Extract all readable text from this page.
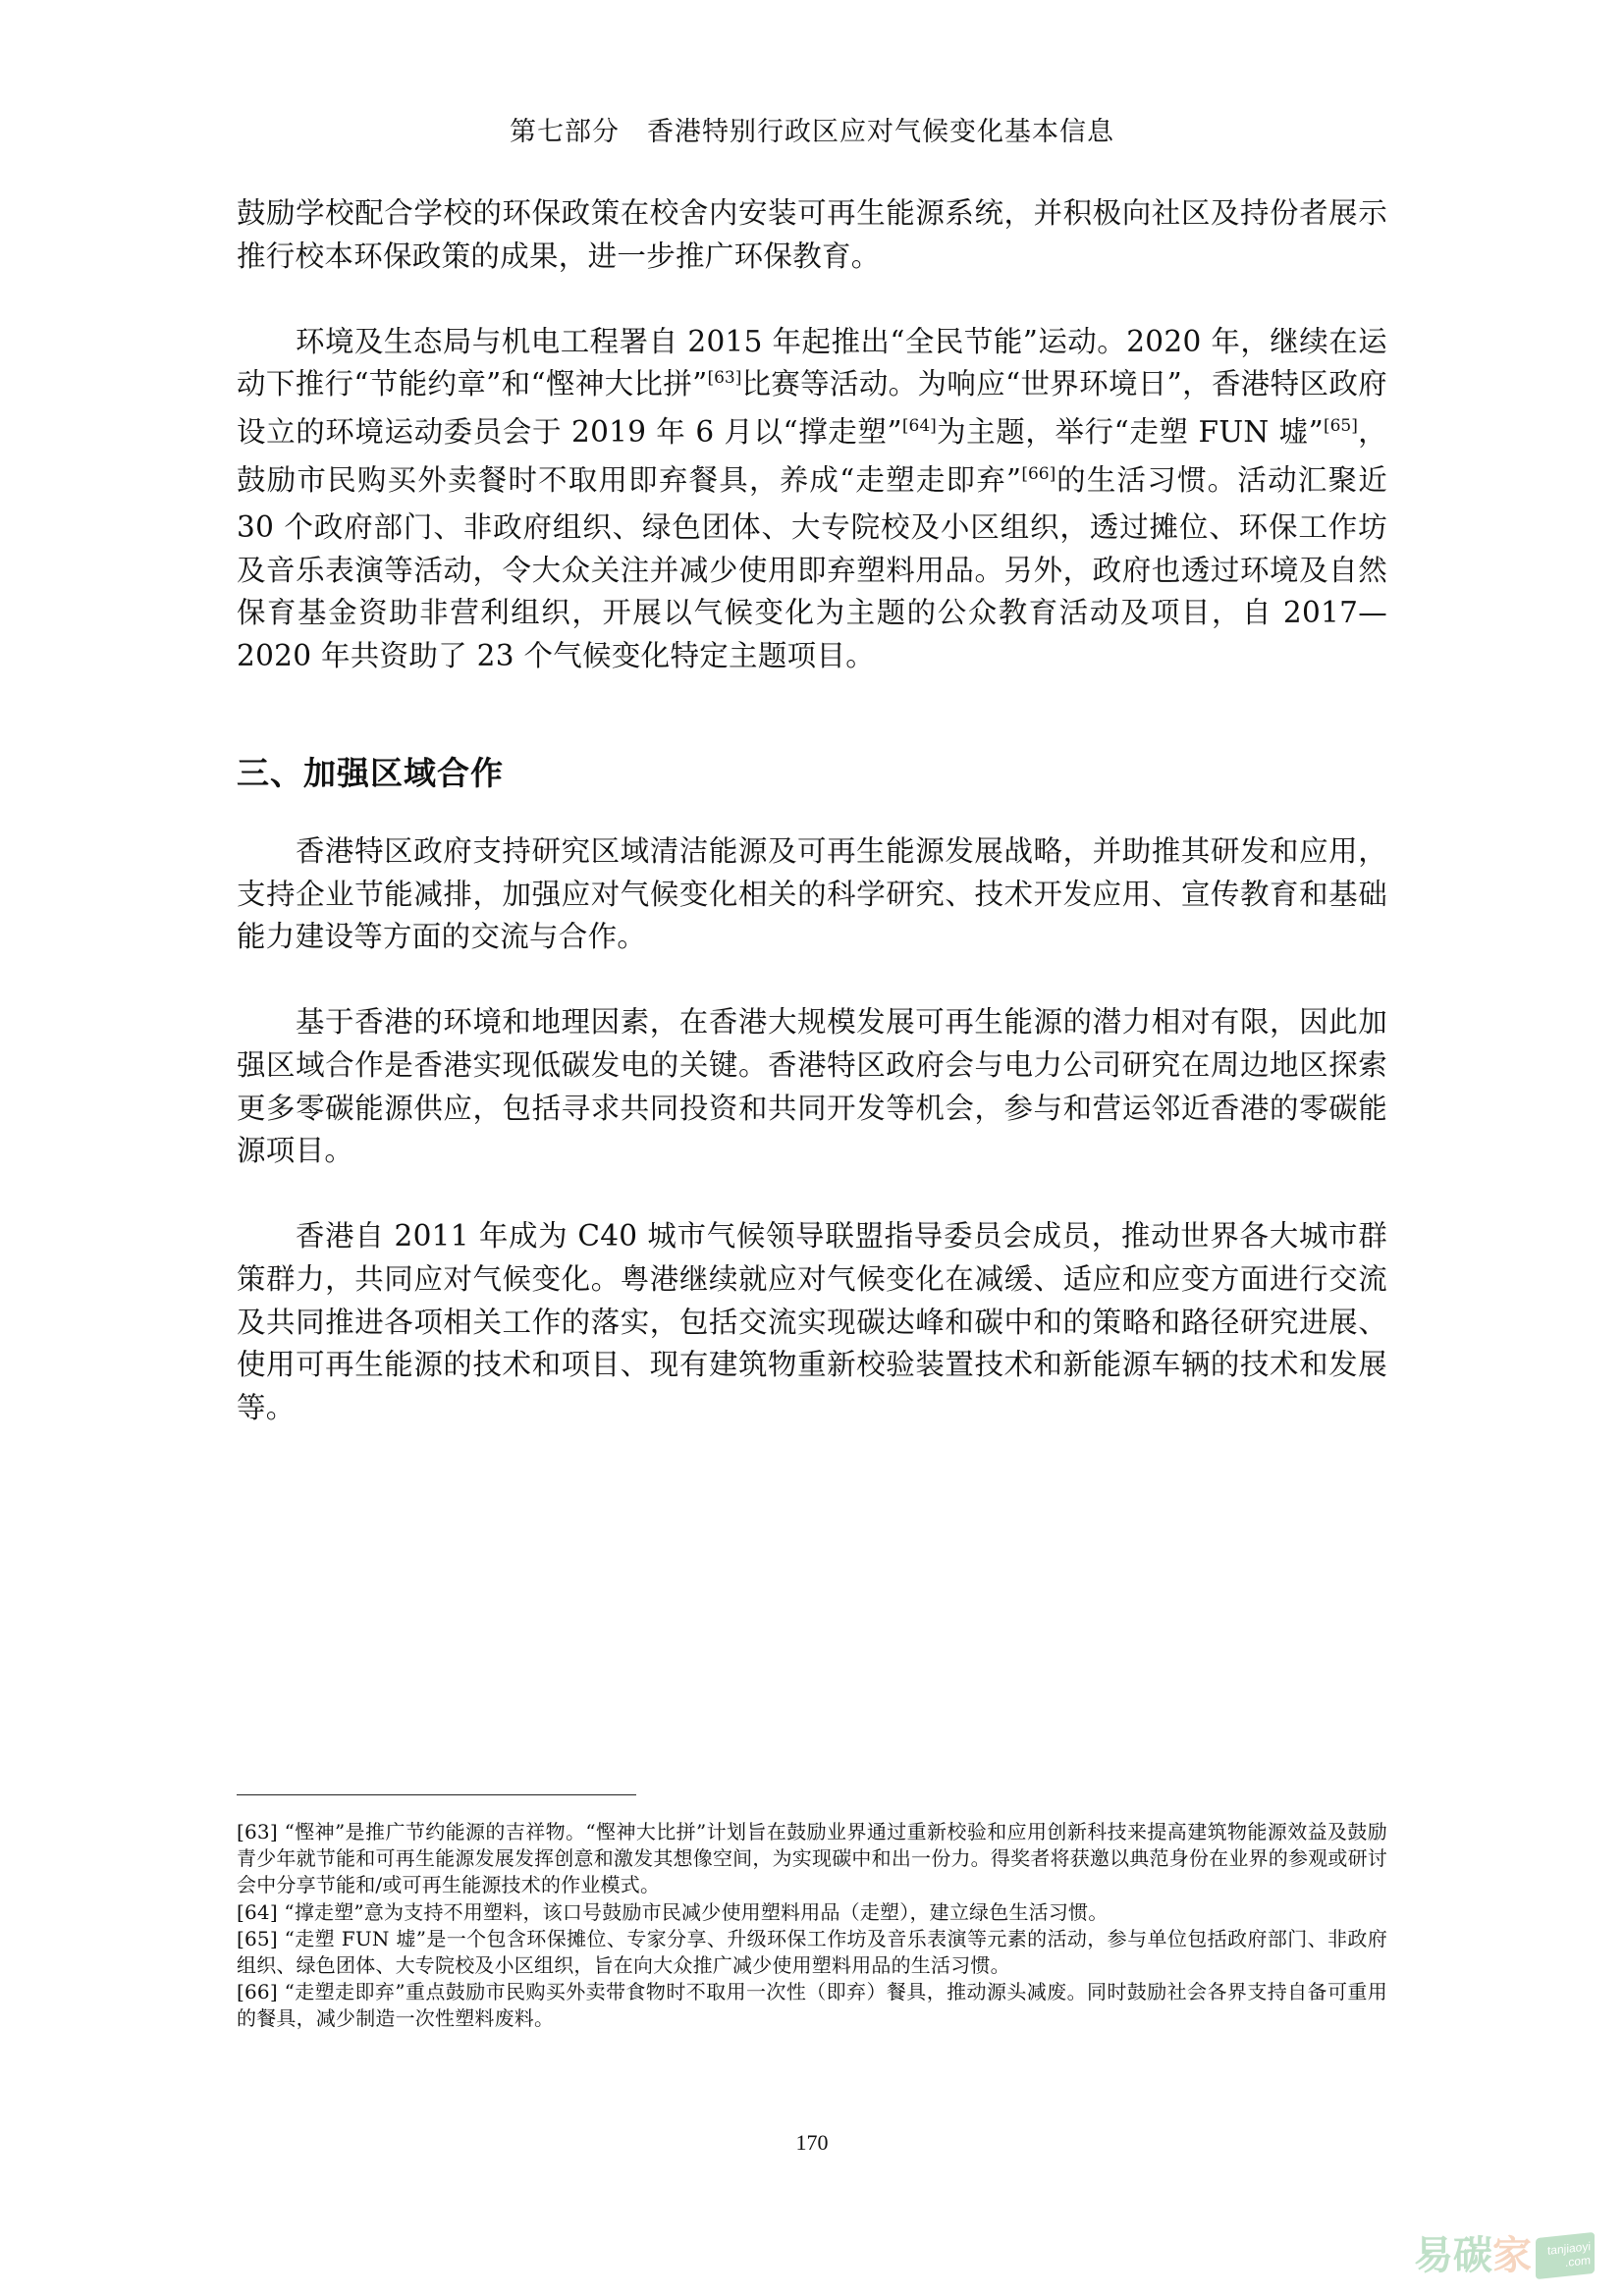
第七部分 香港特别行政区应对气候变化基本信息

鼓励学校配合学校的环保政策在校舍内安装可再生能源系统，并积极向社区及持份者展示推行校本环保政策的成果，进一步推广环保教育。

环境及生态局与机电工程署自 2015 年起推出“全民节能”运动。2020 年，继续在运动下推行“节能约章”和“慳神大比拼”[63]比赛等活动。为响应“世界环境日”，香港特区政府设立的环境运动委员会于 2019 年 6 月以“撑走塑”[64]为主题，举行“走塑 FUN 墟”[65]，鼓励市民购买外卖餐时不取用即弃餐具，养成“走塑走即弃”[66]的生活习惯。活动汇聚近 30 个政府部门、非政府组织、绿色团体、大专院校及小区组织，透过摊位、环保工作坊及音乐表演等活动，令大众关注并减少使用即弃塑料用品。另外，政府也透过环境及自然保育基金资助非营利组织，开展以气候变化为主题的公众教育活动及项目，自 2017—2020 年共资助了 23 个气候变化特定主题项目。

三、加强区域合作

香港特区政府支持研究区域清洁能源及可再生能源发展战略，并助推其研发和应用，支持企业节能减排，加强应对气候变化相关的科学研究、技术开发应用、宣传教育和基础能力建设等方面的交流与合作。

基于香港的环境和地理因素，在香港大规模发展可再生能源的潜力相对有限，因此加强区域合作是香港实现低碳发电的关键。香港特区政府会与电力公司研究在周边地区探索更多零碳能源供应，包括寻求共同投资和共同开发等机会，参与和营运邻近香港的零碳能源项目。

香港自 2011 年成为 C40 城市气候领导联盟指导委员会成员，推动世界各大城市群策群力，共同应对气候变化。粤港继续就应对气候变化在减缓、适应和应变方面进行交流及共同推进各项相关工作的落实，包括交流实现碳达峰和碳中和的策略和路径研究进展、使用可再生能源的技术和项目、现有建筑物重新校验装置技术和新能源车辆的技术和发展等。

[63] “慳神”是推广节约能源的吉祥物。“慳神大比拼”计划旨在鼓励业界通过重新校验和应用创新科技来提高建筑物能源效益及鼓励青少年就节能和可再生能源发展发挥创意和激发其想像空间，为实现碳中和出一份力。得奖者将获邀以典范身份在业界的参观或研讨会中分享节能和/或可再生能源技术的作业模式。

[64] “撑走塑”意为支持不用塑料，该口号鼓励市民减少使用塑料用品（走塑），建立绿色生活习惯。

[65] “走塑 FUN 墟”是一个包含环保摊位、专家分享、升级环保工作坊及音乐表演等元素的活动，参与单位包括政府部门、非政府组织、绿色团体、大专院校及小区组织，旨在向大众推广减少使用塑料用品的生活习惯。

[66] “走塑走即弃”重点鼓励市民购买外卖带食物时不取用一次性（即弃）餐具，推动源头减废。同时鼓励社会各界支持自备可重用的餐具，减少制造一次性塑料废料。

170
易 碳 家 tanjiaoyi
.com
